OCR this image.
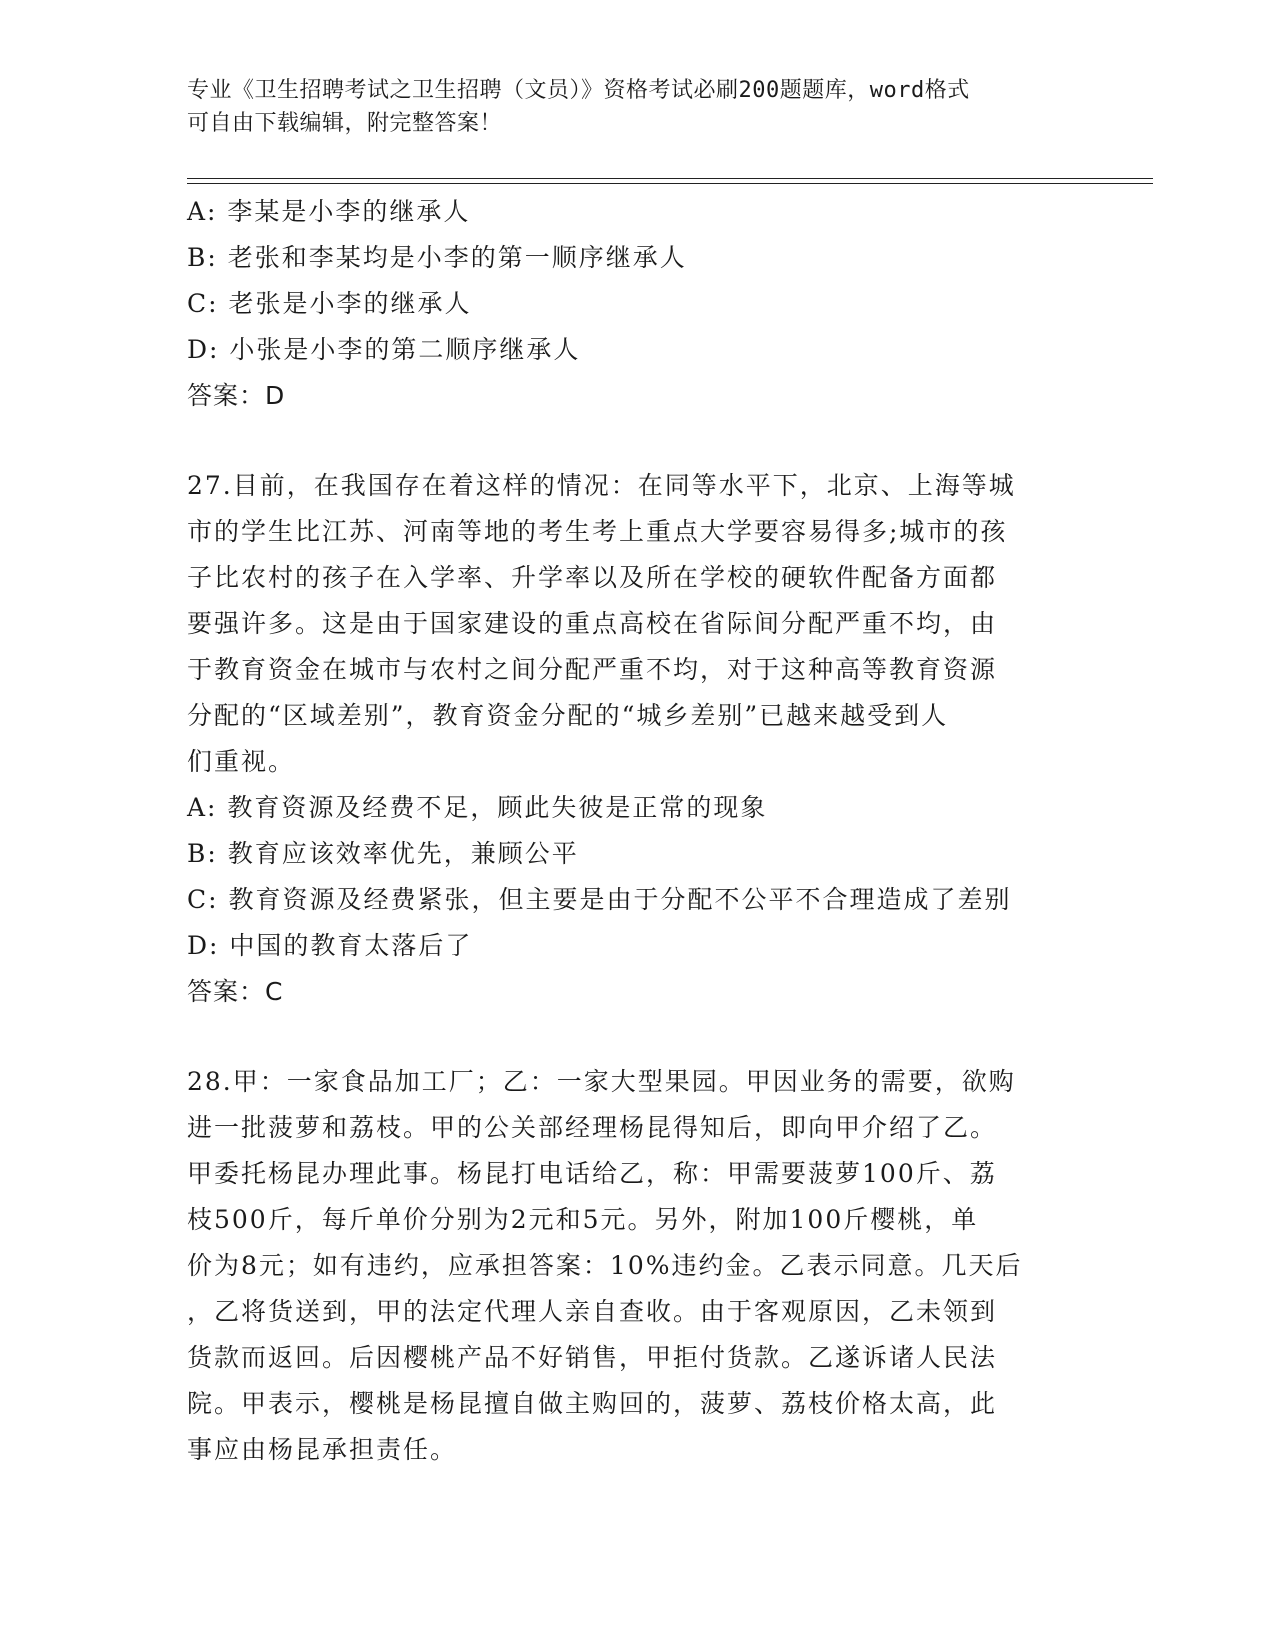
专业《卫生招聘考试之卫生招聘（文员）》资格考试必刷200题题库，word格式
可自由下载编辑，附完整答案！
A: 李某是小李的继承人
B: 老张和李某均是小李的第一顺序继承人
C: 老张是小李的继承人
D: 小张是小李的第二顺序继承人
答案：D
27.目前，在我国存在着这样的情况：在同等水平下，北京、上海等城
市的学生比江苏、河南等地的考生考上重点大学要容易得多;城市的孩
子比农村的孩子在入学率、升学率以及所在学校的硬软件配备方面都
要强许多。这是由于国家建设的重点高校在省际间分配严重不均，由
于教育资金在城市与农村之间分配严重不均，对于这种高等教育资源
分配的“区域差别”，教育资金分配的“城乡差别”已越来越受到人
们重视。
A: 教育资源及经费不足，顾此失彼是正常的现象
B: 教育应该效率优先，兼顾公平
C: 教育资源及经费紧张，但主要是由于分配不公平不合理造成了差别
D: 中国的教育太落后了
答案：C
28.甲：一家食品加工厂；乙：一家大型果园。甲因业务的需要，欲购
进一批菠萝和荔枝。甲的公关部经理杨昆得知后，即向甲介绍了乙。
甲委托杨昆办理此事。杨昆打电话给乙，称：甲需要菠萝100斤、荔
枝500斤，每斤单价分别为2元和5元。另外，附加100斤樱桃，单
价为8元；如有违约，应承担答案：10%违约金。乙表示同意。几天后
，乙将货送到，甲的法定代理人亲自查收。由于客观原因，乙未领到
货款而返回。后因樱桃产品不好销售，甲拒付货款。乙遂诉诸人民法
院。甲表示，樱桃是杨昆擅自做主购回的，菠萝、荔枝价格太高，此
事应由杨昆承担责任。
